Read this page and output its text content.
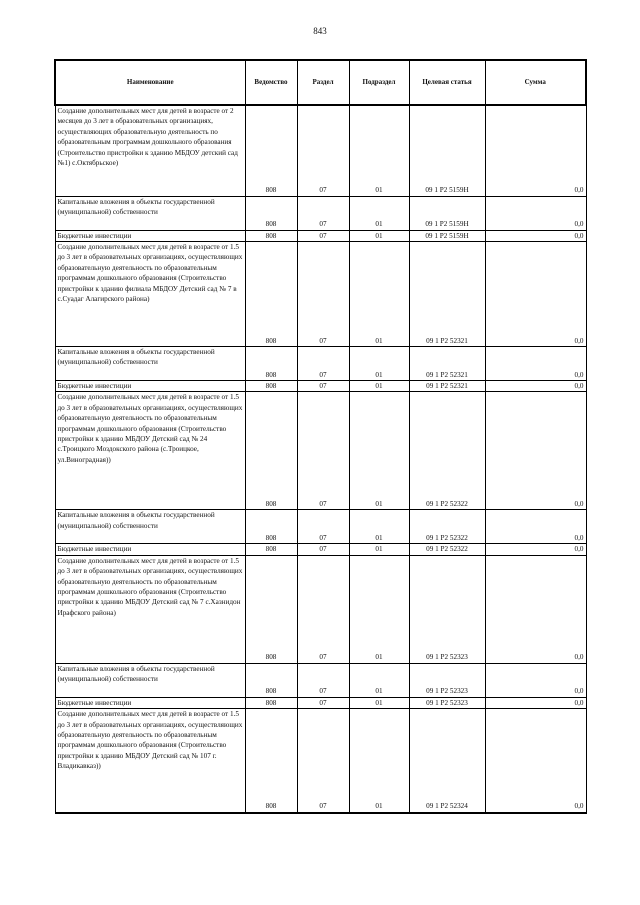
843
Наименование	Ведомство	Раздел	Подраздел	Целевая статья	Сумма
Создание дополнительных мест для детей в возрасте от 2 месяцев до 3 лет в образовательных организациях, осуществляющих образовательную деятельность по образовательным программам дошкольного образования (Строительство пристройки к зданию МБДОУ детский сад №1) с.Октябрьское)	808	07	01	09 1 P2 5159Н	0,0
Капитальные вложения в объекты государственной (муниципальной) собственности	808	07	01	09 1 P2 5159Н	0,0
Бюджетные инвестиции	808	07	01	09 1 P2 5159Н	0,0
Создание дополнительных мест для детей в возрасте от 1.5 до 3 лет в образовательных организациях, осуществляющих образовательную деятельность по образовательным программам дошкольного образования (Строительство пристройки к зданию филиала МБДОУ Детский сад № 7 в с.Суадаг Алагирского района)	808	07	01	09 1 P2 52321	0,0
Капитальные вложения в объекты государственной (муниципальной) собственности	808	07	01	09 1 P2 52321	0,0
Бюджетные инвестиции	808	07	01	09 1 P2 52321	0,0
Создание дополнительных мест для детей в возрасте от 1.5 до 3 лет в образовательных организациях, осуществляющих образовательную деятельность по образовательным программам дошкольного образования (Строительство пристройки к зданию МБДОУ Детский сад № 24 с.Троицкого Моздокского района (с.Троицкое, ул.Виноградная))	808	07	01	09 1 P2 52322	0,0
Капитальные вложения в объекты государственной (муниципальной) собственности	808	07	01	09 1 P2 52322	0,0
Бюджетные инвестиции	808	07	01	09 1 P2 52322	0,0
Создание дополнительных мест для детей в возрасте от 1.5 до 3 лет в образовательных организациях, осуществляющих образовательную деятельность по образовательным программам дошкольного образования (Строительство пристройки к зданию МБДОУ Детский сад № 7 с.Хазнидон Ирафского района)	808	07	01	09 1 P2 52323	0,0
Капитальные вложения в объекты государственной (муниципальной) собственности	808	07	01	09 1 P2 52323	0,0
Бюджетные инвестиции	808	07	01	09 1 P2 52323	0,0
Создание дополнительных мест для детей в возрасте от 1.5 до 3 лет в образовательных организациях, осуществляющих образовательную деятельность по образовательным программам дошкольного образования (Строительство пристройки к зданию МБДОУ Детский сад № 107 г. Владикавказ))	808	07	01	09 1 P2 52324	0,0
